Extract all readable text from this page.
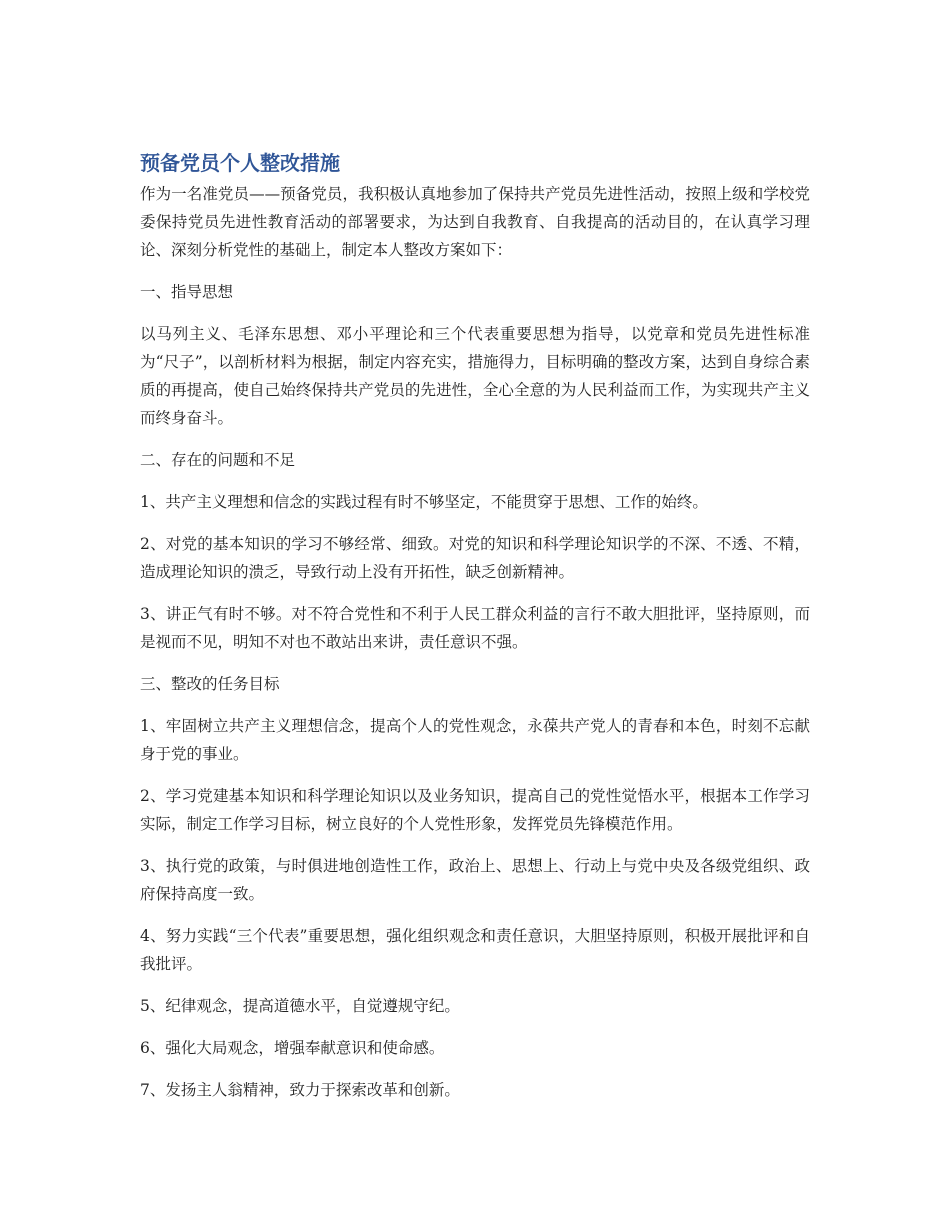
预备党员个人整改措施

作为一名准党员——预备党员，我积极认真地参加了保持共产党员先进性活动，按照上级和学校党委保持党员先进性教育活动的部署要求，为达到自我教育、自我提高的活动目的，在认真学习理论、深刻分析党性的基础上，制定本人整改方案如下：

一、指导思想

以马列主义、毛泽东思想、邓小平理论和三个代表重要思想为指导，以党章和党员先进性标准为“尺子”，以剖析材料为根据，制定内容充实，措施得力，目标明确的整改方案，达到自身综合素质的再提高，使自己始终保持共产党员的先进性，全心全意的为人民利益而工作，为实现共产主义而终身奋斗。

二、存在的问题和不足

1、共产主义理想和信念的实践过程有时不够坚定，不能贯穿于思想、工作的始终。

2、对党的基本知识的学习不够经常、细致。对党的知识和科学理论知识学的不深、不透、不精，造成理论知识的溃乏，导致行动上没有开拓性，缺乏创新精神。

3、讲正气有时不够。对不符合党性和不利于人民工群众利益的言行不敢大胆批评，坚持原则，而是视而不见，明知不对也不敢站出来讲，责任意识不强。

三、整改的任务目标

1、牢固树立共产主义理想信念，提高个人的党性观念，永葆共产党人的青春和本色，时刻不忘献身于党的事业。

2、学习党建基本知识和科学理论知识以及业务知识，提高自己的党性觉悟水平，根据本工作学习实际，制定工作学习目标，树立良好的个人党性形象，发挥党员先锋模范作用。

3、执行党的政策，与时俱进地创造性工作，政治上、思想上、行动上与党中央及各级党组织、政府保持高度一致。

4、努力实践“三个代表”重要思想，强化组织观念和责任意识，大胆坚持原则，积极开展批评和自我批评。

5、纪律观念，提高道德水平，自觉遵规守纪。

6、强化大局观念，增强奉献意识和使命感。

7、发扬主人翁精神，致力于探索改革和创新。
